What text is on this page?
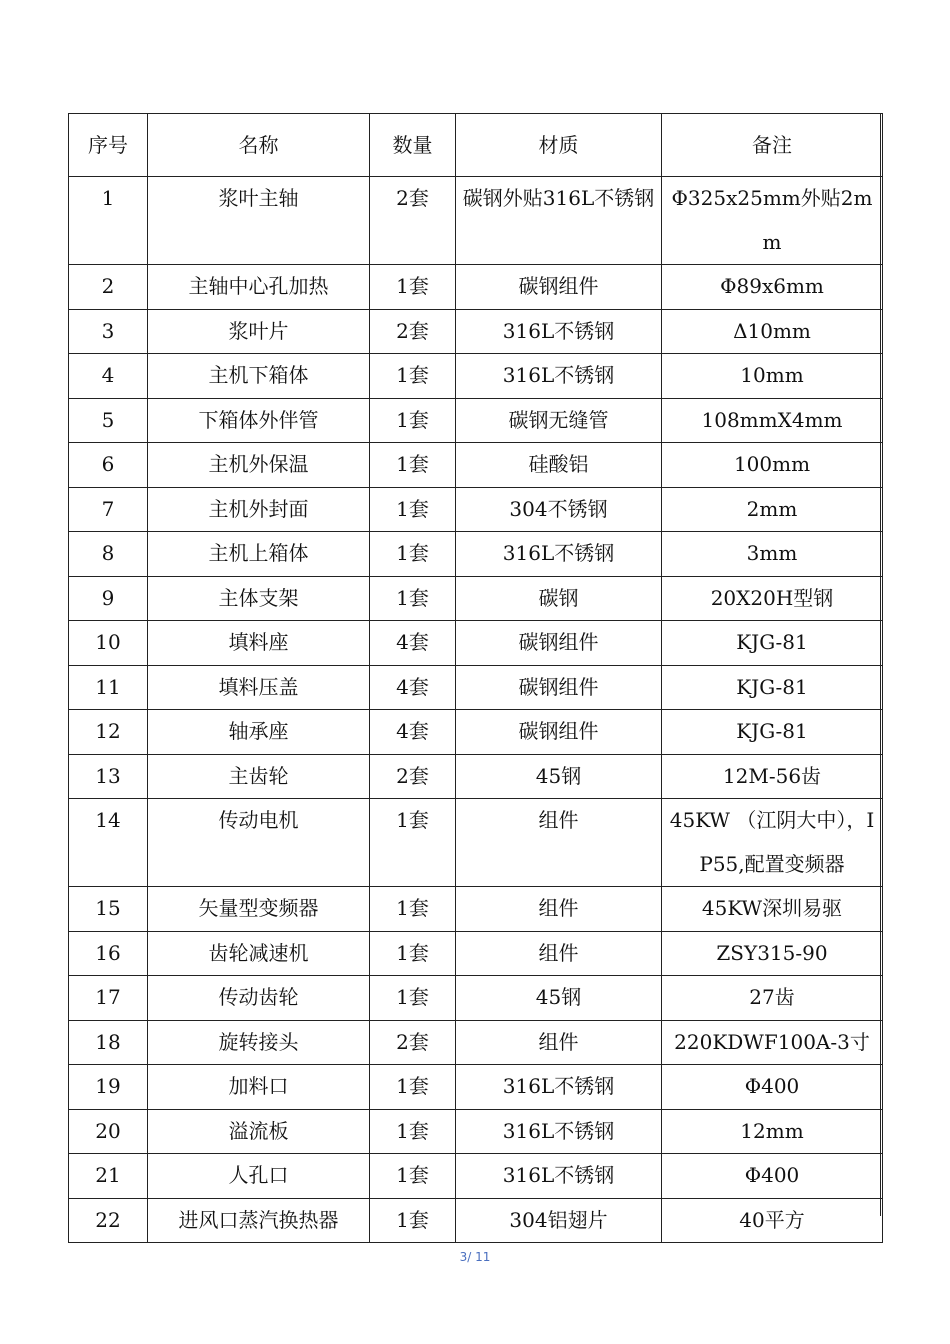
序号	名称	数量	材质	备注
1	浆叶主轴	2套	碳钢外贴316L不锈钢	Φ325x25mm外贴2mm
2	主轴中心孔加热	1套	碳钢组件	Φ89x6mm
3	浆叶片	2套	316L不锈钢	Δ10mm
4	主机下箱体	1套	316L不锈钢	10mm
5	下箱体外伴管	1套	碳钢无缝管	108mmX4mm
6	主机外保温	1套	硅酸铝	100mm
7	主机外封面	1套	304不锈钢	2mm
8	主机上箱体	1套	316L不锈钢	3mm
9	主体支架	1套	碳钢	20X20H型钢
10	填料座	4套	碳钢组件	KJG-81
11	填料压盖	4套	碳钢组件	KJG-81
12	轴承座	4套	碳钢组件	KJG-81
13	主齿轮	2套	45钢	12M-56齿
14	传动电机	1套	组件	45KW （江阴大中），IP55,配置变频器
15	矢量型变频器	1套	组件	45KW深圳易驱
16	齿轮减速机	1套	组件	ZSY315-90
17	传动齿轮	1套	45钢	27齿
18	旋转接头	2套	组件	220KDWF100A-3寸
19	加料口	1套	316L不锈钢	Φ400
20	溢流板	1套	316L不锈钢	12mm
21	人孔口	1套	316L不锈钢	Φ400
22	进风口蒸汽换热器	1套	304铝翅片	40平方
3/ 11
